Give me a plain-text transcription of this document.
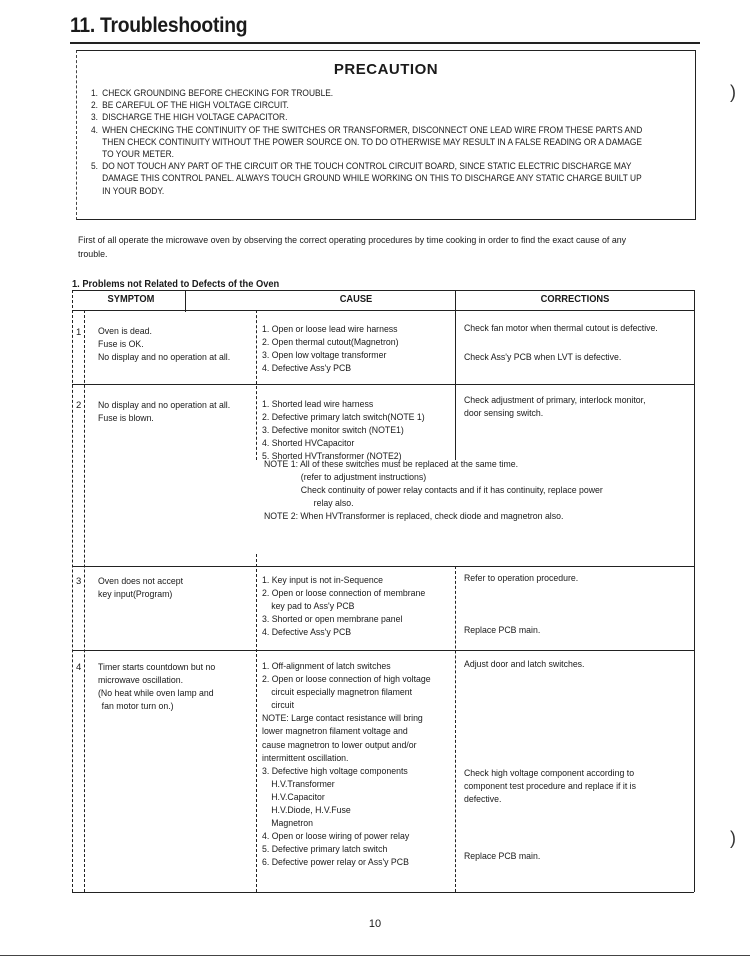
11. Troubleshooting
PRECAUTION

1. CHECK GROUNDING BEFORE CHECKING FOR TROUBLE.

2. BE CAREFUL OF THE HIGH VOLTAGE CIRCUIT.

3. DISCHARGE THE HIGH VOLTAGE CAPACITOR.

4. WHEN CHECKING THE CONTINUITY OF THE SWITCHES OR TRANSFORMER, DISCONNECT ONE LEAD WIRE FROM THESE PARTS AND THEN CHECK CONTINUITY WITHOUT THE POWER SOURCE ON. TO DO OTHERWISE MAY RESULT IN A FALSE READING OR A DAMAGE TO YOUR METER.

5. DO NOT TOUCH ANY PART OF THE CIRCUIT OR THE TOUCH CONTROL CIRCUIT BOARD, SINCE STATIC ELECTRIC DISCHARGE MAY DAMAGE THIS CONTROL PANEL. ALWAYS TOUCH GROUND WHILE WORKING ON THIS TO DISCHARGE ANY STATIC CHARGE BUILT UP IN YOUR BODY.

First of all operate the microwave oven by observing the correct operating procedures by time cooking in order to find the exact cause of any trouble.
1. Problems not Related to Defects of the Oven
SYMPTOM	CAUSE	CORRECTIONS
1 Oven is dead.
Fuse is OK.
No display and no operation at all.
1. Open or loose lead wire harness
2. Open thermal cutout(Magnetron)
3. Open low voltage transformer
4. Defective Ass'y PCB
Check fan motor when thermal cutout is defective.
Check Ass'y PCB when LVT is defective.
2 No display and no operation at all.
Fuse is blown.
1. Shorted lead wire harness
2. Defective primary latch switch(NOTE 1)
3. Defective monitor switch (NOTE1)
4. Shorted HVCapacitor
5. Shorted HVTransformer (NOTE2)
Check adjustment of primary, interlock monitor,
door sensing switch.
NOTE 1: All of these switches must be replaced at the same time.
(refer to adjustment instructions)
Check continuity of power relay contacts and if it has continuity, replace power
relay also.
NOTE 2: When HVTransformer is replaced, check diode and magnetron also.
3 Oven does not accept
key input(Program)
1. Key input is not in-Sequence
2. Open or loose connection of membrane
key pad to Ass'y PCB
3. Shorted or open membrane panel
4. Defective Ass'y PCB
Refer to operation procedure.
Replace PCB main.
4 Timer starts countdown but no
microwave oscillation.
(No heat while oven lamp and
fan motor turn on.)
1. Off-alignment of latch switches
2. Open or loose connection of high voltage
circuit especially magnetron filament
circuit
NOTE: Large contact resistance will bring
lower magnetron filament voltage and
cause magnetron to lower output and/or
intermittent oscillation.
3. Defective high voltage components
H.V.Transformer
H.V.Capacitor
H.V.Diode, H.V.Fuse
Magnetron
4. Open or loose wiring of power relay
5. Defective primary latch switch
6. Defective power relay or Ass'y PCB
Adjust door and latch switches.
Check high voltage component according to
component test procedure and replace if it is
defective.
Replace PCB main.
)
)
10
